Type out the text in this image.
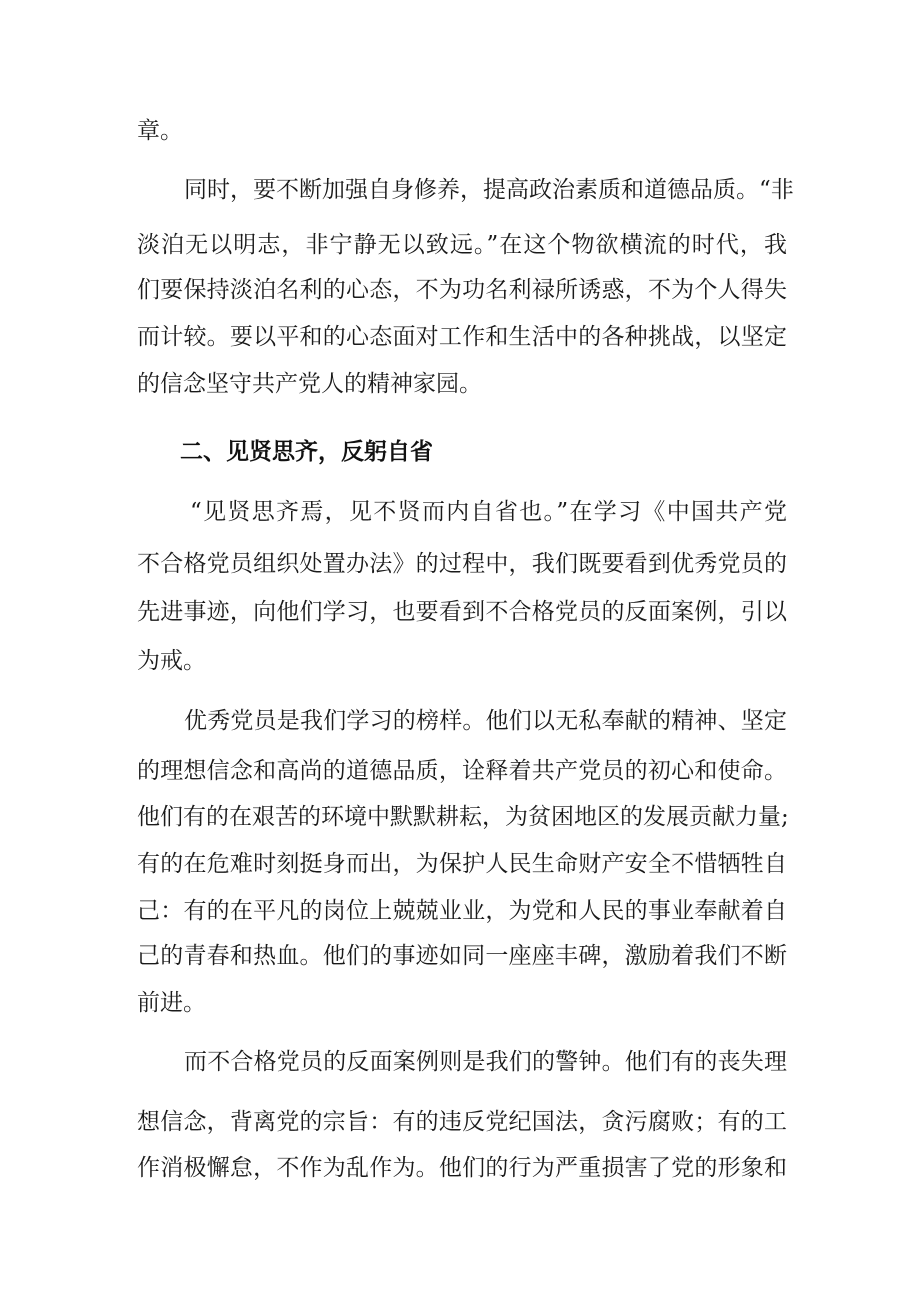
章。
同时，要不断加强自身修养，提高政治素质和道德品质。“非
淡泊无以明志，非宁静无以致远。”在这个物欲横流的时代，我
们要保持淡泊名利的心态，不为功名利禄所诱惑，不为个人得失
而计较。要以平和的心态面对工作和生活中的各种挑战，以坚定
的信念坚守共产党人的精神家园。
二、见贤思齐，反躬自省
“见贤思齐焉，见不贤而内自省也。”在学习《中国共产党
不合格党员组织处置办法》的过程中，我们既要看到优秀党员的
先进事迹，向他们学习，也要看到不合格党员的反面案例，引以
为戒。
优秀党员是我们学习的榜样。他们以无私奉献的精神、坚定
的理想信念和高尚的道德品质，诠释着共产党员的初心和使命。
他们有的在艰苦的环境中默默耕耘，为贫困地区的发展贡献力量;
有的在危难时刻挺身而出，为保护人民生命财产安全不惜牺牲自
己：有的在平凡的岗位上兢兢业业，为党和人民的事业奉献着自
己的青春和热血。他们的事迹如同一座座丰碑，激励着我们不断
前进。
而不合格党员的反面案例则是我们的警钟。他们有的丧失理
想信念，背离党的宗旨：有的违反党纪国法，贪污腐败；有的工
作消极懈怠，不作为乱作为。他们的行为严重损害了党的形象和
